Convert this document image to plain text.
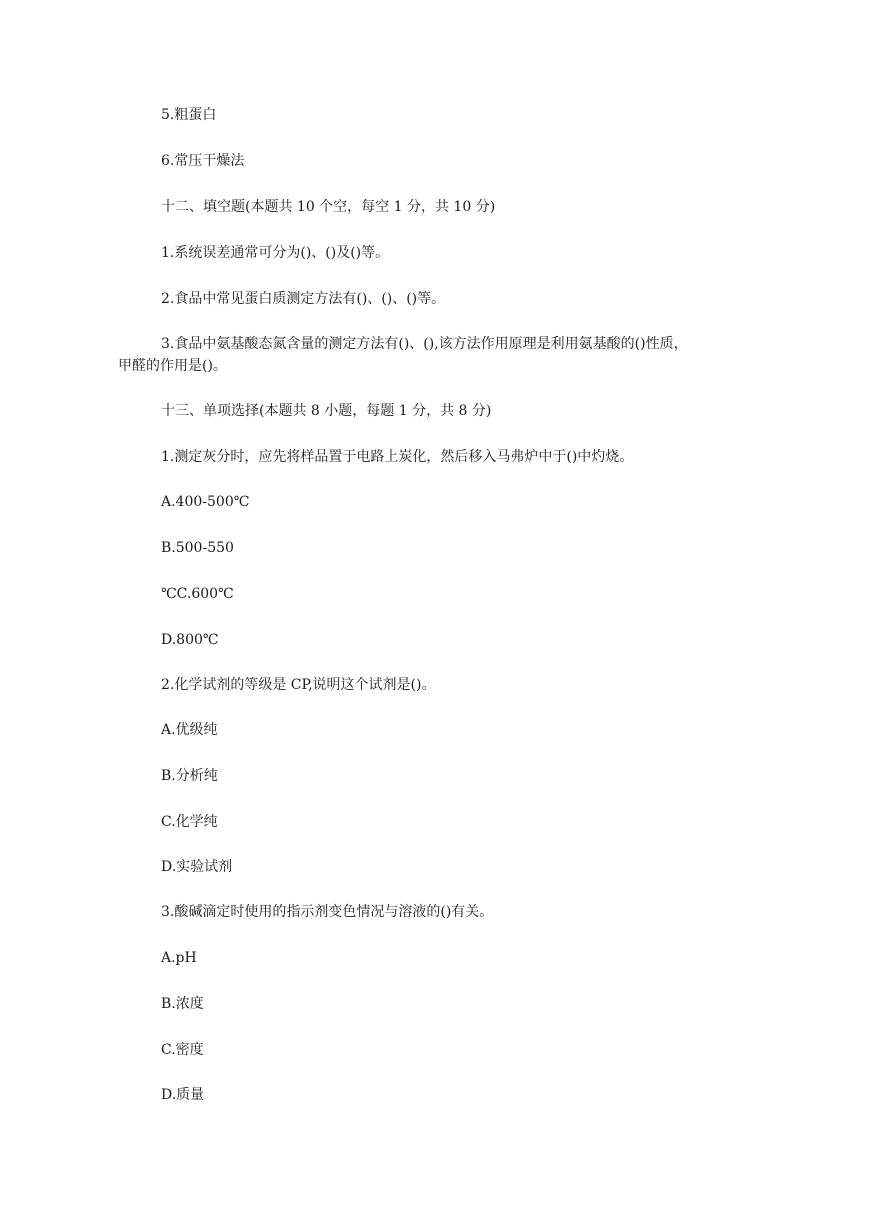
5.粗蛋白

6.常压干燥法

十二、填空题(本题共 10 个空，每空 1 分，共 10 分)

1.系统误差通常可分为()、()及()等。

2.食品中常见蛋白质测定方法有()、()、()等。

3.食品中氨基酸态氮含量的测定方法有()、(),该方法作用原理是利用氨基酸的()性质，
甲醛的作用是()。

十三、单项选择(本题共 8 小题，每题 1 分，共 8 分)

1.测定灰分时，应先将样品置于电路上炭化，然后移入马弗炉中于()中灼烧。

A.400-500℃

B.500-550

℃C.600℃

D.800℃

2.化学试剂的等级是 CP,说明这个试剂是()。

A.优级纯

B.分析纯

C.化学纯

D.实验试剂

3.酸碱滴定时使用的指示剂变色情况与溶液的()有关。

A.pH

B.浓度

C.密度

D.质量
